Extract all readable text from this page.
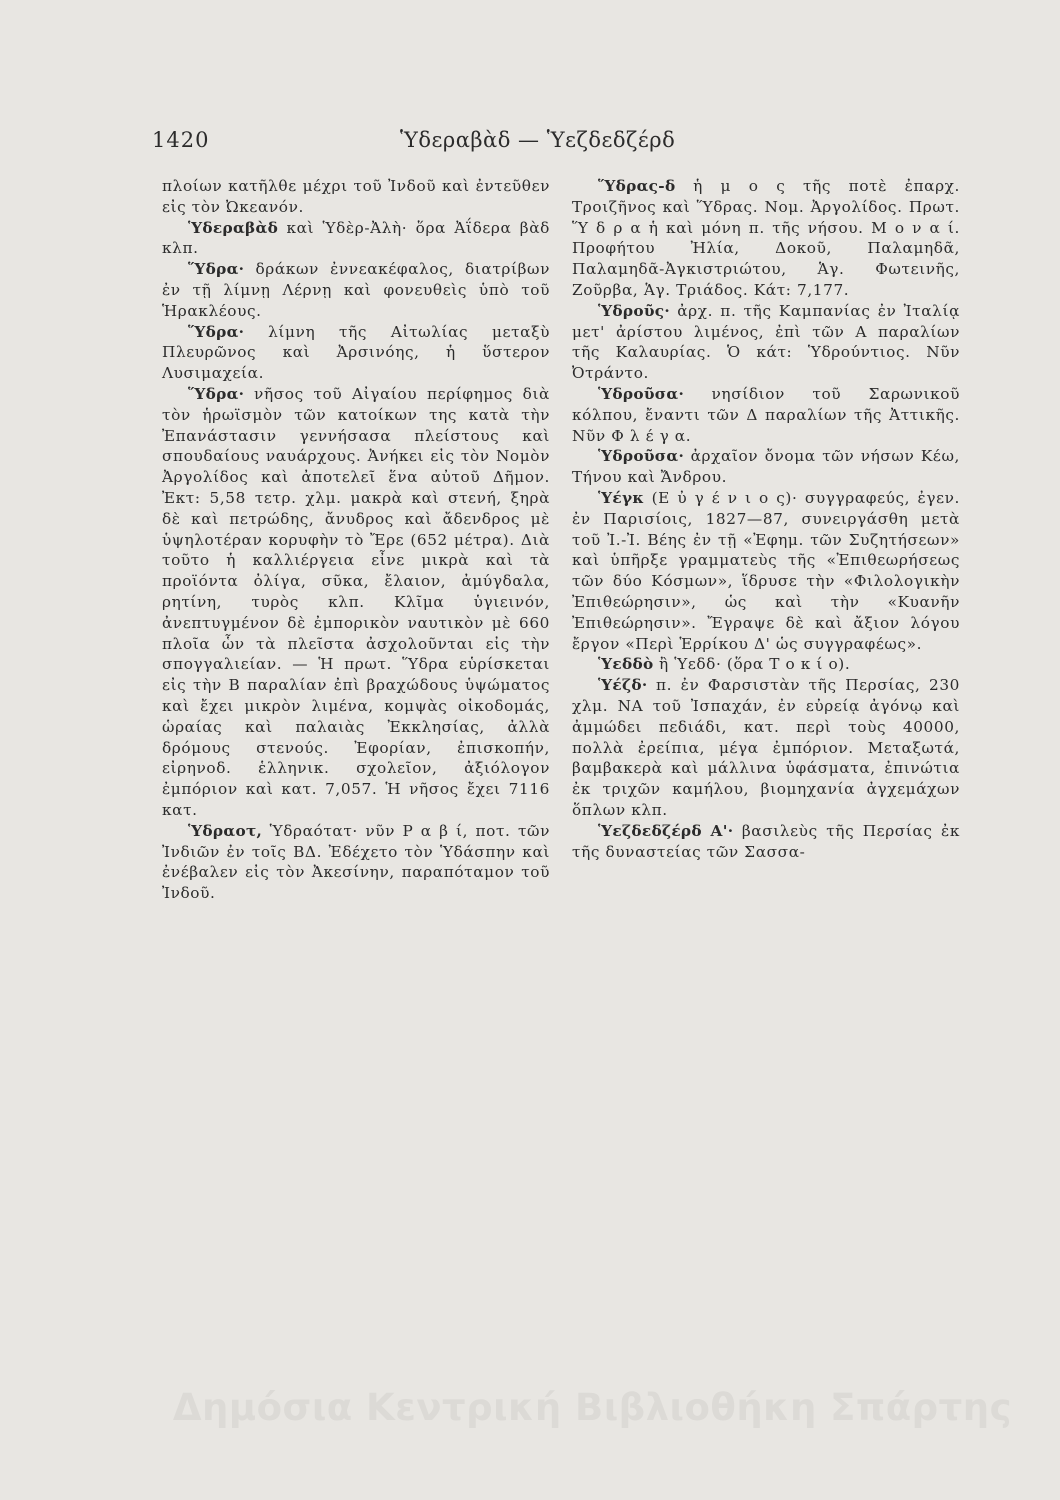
1420	Ὑδεραβὰδ — Ὑεζδεδζέρδ

πλοίων κατῆλθε μέχρι τοῦ Ἰνδοῦ καὶ ἐντεῦθεν εἰς τὸν Ὠκεανόν.

Ὑδεραβὰδ καὶ Ὑδὲρ-Ἀλὴ· ὅρα Ἀΐδερα βὰδ κλπ.

Ὕδρα· δράκων ἐννεακέφαλος, διατρίβων ἐν τῇ λίμνῃ Λέρνῃ καὶ φονευθεὶς ὑπὸ τοῦ Ἡρακλέους.

Ὕδρα· λίμνη τῆς Αἰτωλίας μεταξὺ Πλευρῶνος καὶ Ἀρσινόης, ἡ ὕστερον Λυσιμαχεία.

Ὕδρα· νῆσος τοῦ Αἰγαίου περίφημος διὰ τὸν ἡρωϊσμὸν τῶν κατοίκων της κατὰ τὴν Ἐπανάστασιν γεννήσασα πλείστους καὶ σπουδαίους ναυάρχους. Ἀνήκει εἰς τὸν Νομὸν Ἀργολίδος καὶ ἀποτελεῖ ἕνα αὐτοῦ Δῆμον. Ἐκτ: 5,58 τετρ. χλμ. μακρὰ καὶ στενή, ξηρὰ δὲ καὶ πετρώδης, ἄνυδρος καὶ ἄδενδρος μὲ ὑψηλοτέραν κορυφὴν τὸ Ἔρε (652 μέτρα). Διὰ τοῦτο ἡ καλλιέργεια εἶνε μικρὰ καὶ τὰ προϊόντα ὀλίγα, σῦκα, ἔλαιον, ἀμύγδαλα, ρητίνη, τυρὸς κλπ. Κλῖμα ὑγιεινόν, ἀνεπτυγμένον δὲ ἐμπορικὸν ναυτικὸν μὲ 660 πλοῖα ὧν τὰ πλεῖστα ἀσχολοῦνται εἰς τὴν σπογγαλιείαν. — Ἡ πρωτ. Ὕδρα εὑρίσκεται εἰς τὴν Β παραλίαν ἐπὶ βραχώδους ὑψώματος καὶ ἔχει μικρὸν λιμένα, κομψὰς οἰκοδομάς, ὡραίας καὶ παλαιὰς Ἐκκλησίας, ἀλλὰ δρόμους στενούς. Ἐφορίαν, ἐπισκοπήν, εἰρηνοδ. ἑλληνικ. σχολεῖον, ἀξιόλογον ἐμπόριον καὶ κατ. 7,057. Ἡ νῆσος ἔχει 7116 κατ.

Ὑδραοτ, Ὑδραότατ· νῦν Ρ α β ί, ποτ. τῶν Ἰνδιῶν ἐν τοῖς ΒΔ. Ἐδέχετο τὸν Ὑδάσπην καὶ ἐνέβαλεν εἰς τὸν Ἀκεσίνην, παραπόταμον τοῦ Ἰνδοῦ.

Ὕδρας-δ ἡ μ ο ς τῆς ποτὲ ἐπαρχ. Τροιζῆνος καὶ Ὕδρας. Νομ. Ἀργολίδος. Πρωτ. Ὕ δ ρ α ἡ καὶ μόνη π. τῆς νήσου. Μ ο ν α ί. Προφήτου Ἠλία, Δοκοῦ, Παλαμηδᾶ, Παλαμηδᾶ-Ἀγκιστριώτου, Ἁγ. Φωτεινῆς, Ζοῦρβα, Ἁγ. Τριάδος. Κάτ: 7,177.

Ὑδροῦς· ἀρχ. π. τῆς Καμπανίας ἐν Ἰταλίᾳ μετ' ἀρίστου λιμένος, ἐπὶ τῶν Α παραλίων τῆς Καλαυρίας. Ὁ κάτ: Ὑδρούντιος. Νῦν Ὀτράντο.

Ὑδροῦσα· νησίδιον τοῦ Σαρωνικοῦ κόλπου, ἔναντι τῶν Δ παραλίων τῆς Ἀττικῆς. Νῦν Φ λ έ γ α.

Ὑδροῦσα· ἀρχαῖον ὄνομα τῶν νήσων Κέω, Τήνου καὶ Ἄνδρου.

Ὑέγκ (Ε ὐ γ έ ν ι ο ς)· συγγραφεύς, ἐγεν. ἐν Παρισίοις, 1827—87, συνειργάσθη μετὰ τοῦ Ἰ.-Ἰ. Βέης ἐν τῇ «Ἐφημ. τῶν Συζητήσεων» καὶ ὑπῆρξε γραμματεὺς τῆς «Ἐπιθεωρήσεως τῶν δύο Κόσμων», ἵδρυσε τὴν «Φιλολογικὴν Ἐπιθεώρησιν», ὡς καὶ τὴν «Κυανῆν Ἐπιθεώρησιν». Ἔγραψε δὲ καὶ ἄξιον λόγου ἔργον «Περὶ Ἑρρίκου Δ' ὡς συγγραφέως».

Ὑεδδὸ ἢ Ὑεδδ· (ὅρα Τ ο κ ί ο).

Ὑέζδ· π. ἐν Φαρσιστὰν τῆς Περσίας, 230 χλμ. ΝΑ τοῦ Ἰσπαχάν, ἐν εὐρείᾳ ἀγόνῳ καὶ ἀμμώδει πεδιάδι, κατ. περὶ τοὺς 40000, πολλὰ ἐρείπια, μέγα ἐμπόριον. Μεταξωτά, βαμβακερὰ καὶ μάλλινα ὑφάσματα, ἐπινώτια ἐκ τριχῶν καμήλου, βιομηχανία ἀγχεμάχων ὅπλων κλπ.

Ὑεζδεδζέρδ Α'· βασιλεὺς τῆς Περσίας ἐκ τῆς δυναστείας τῶν Σασσα-

Δημόσια Κεντρική Βιβλιοθήκη Σπάρτης
